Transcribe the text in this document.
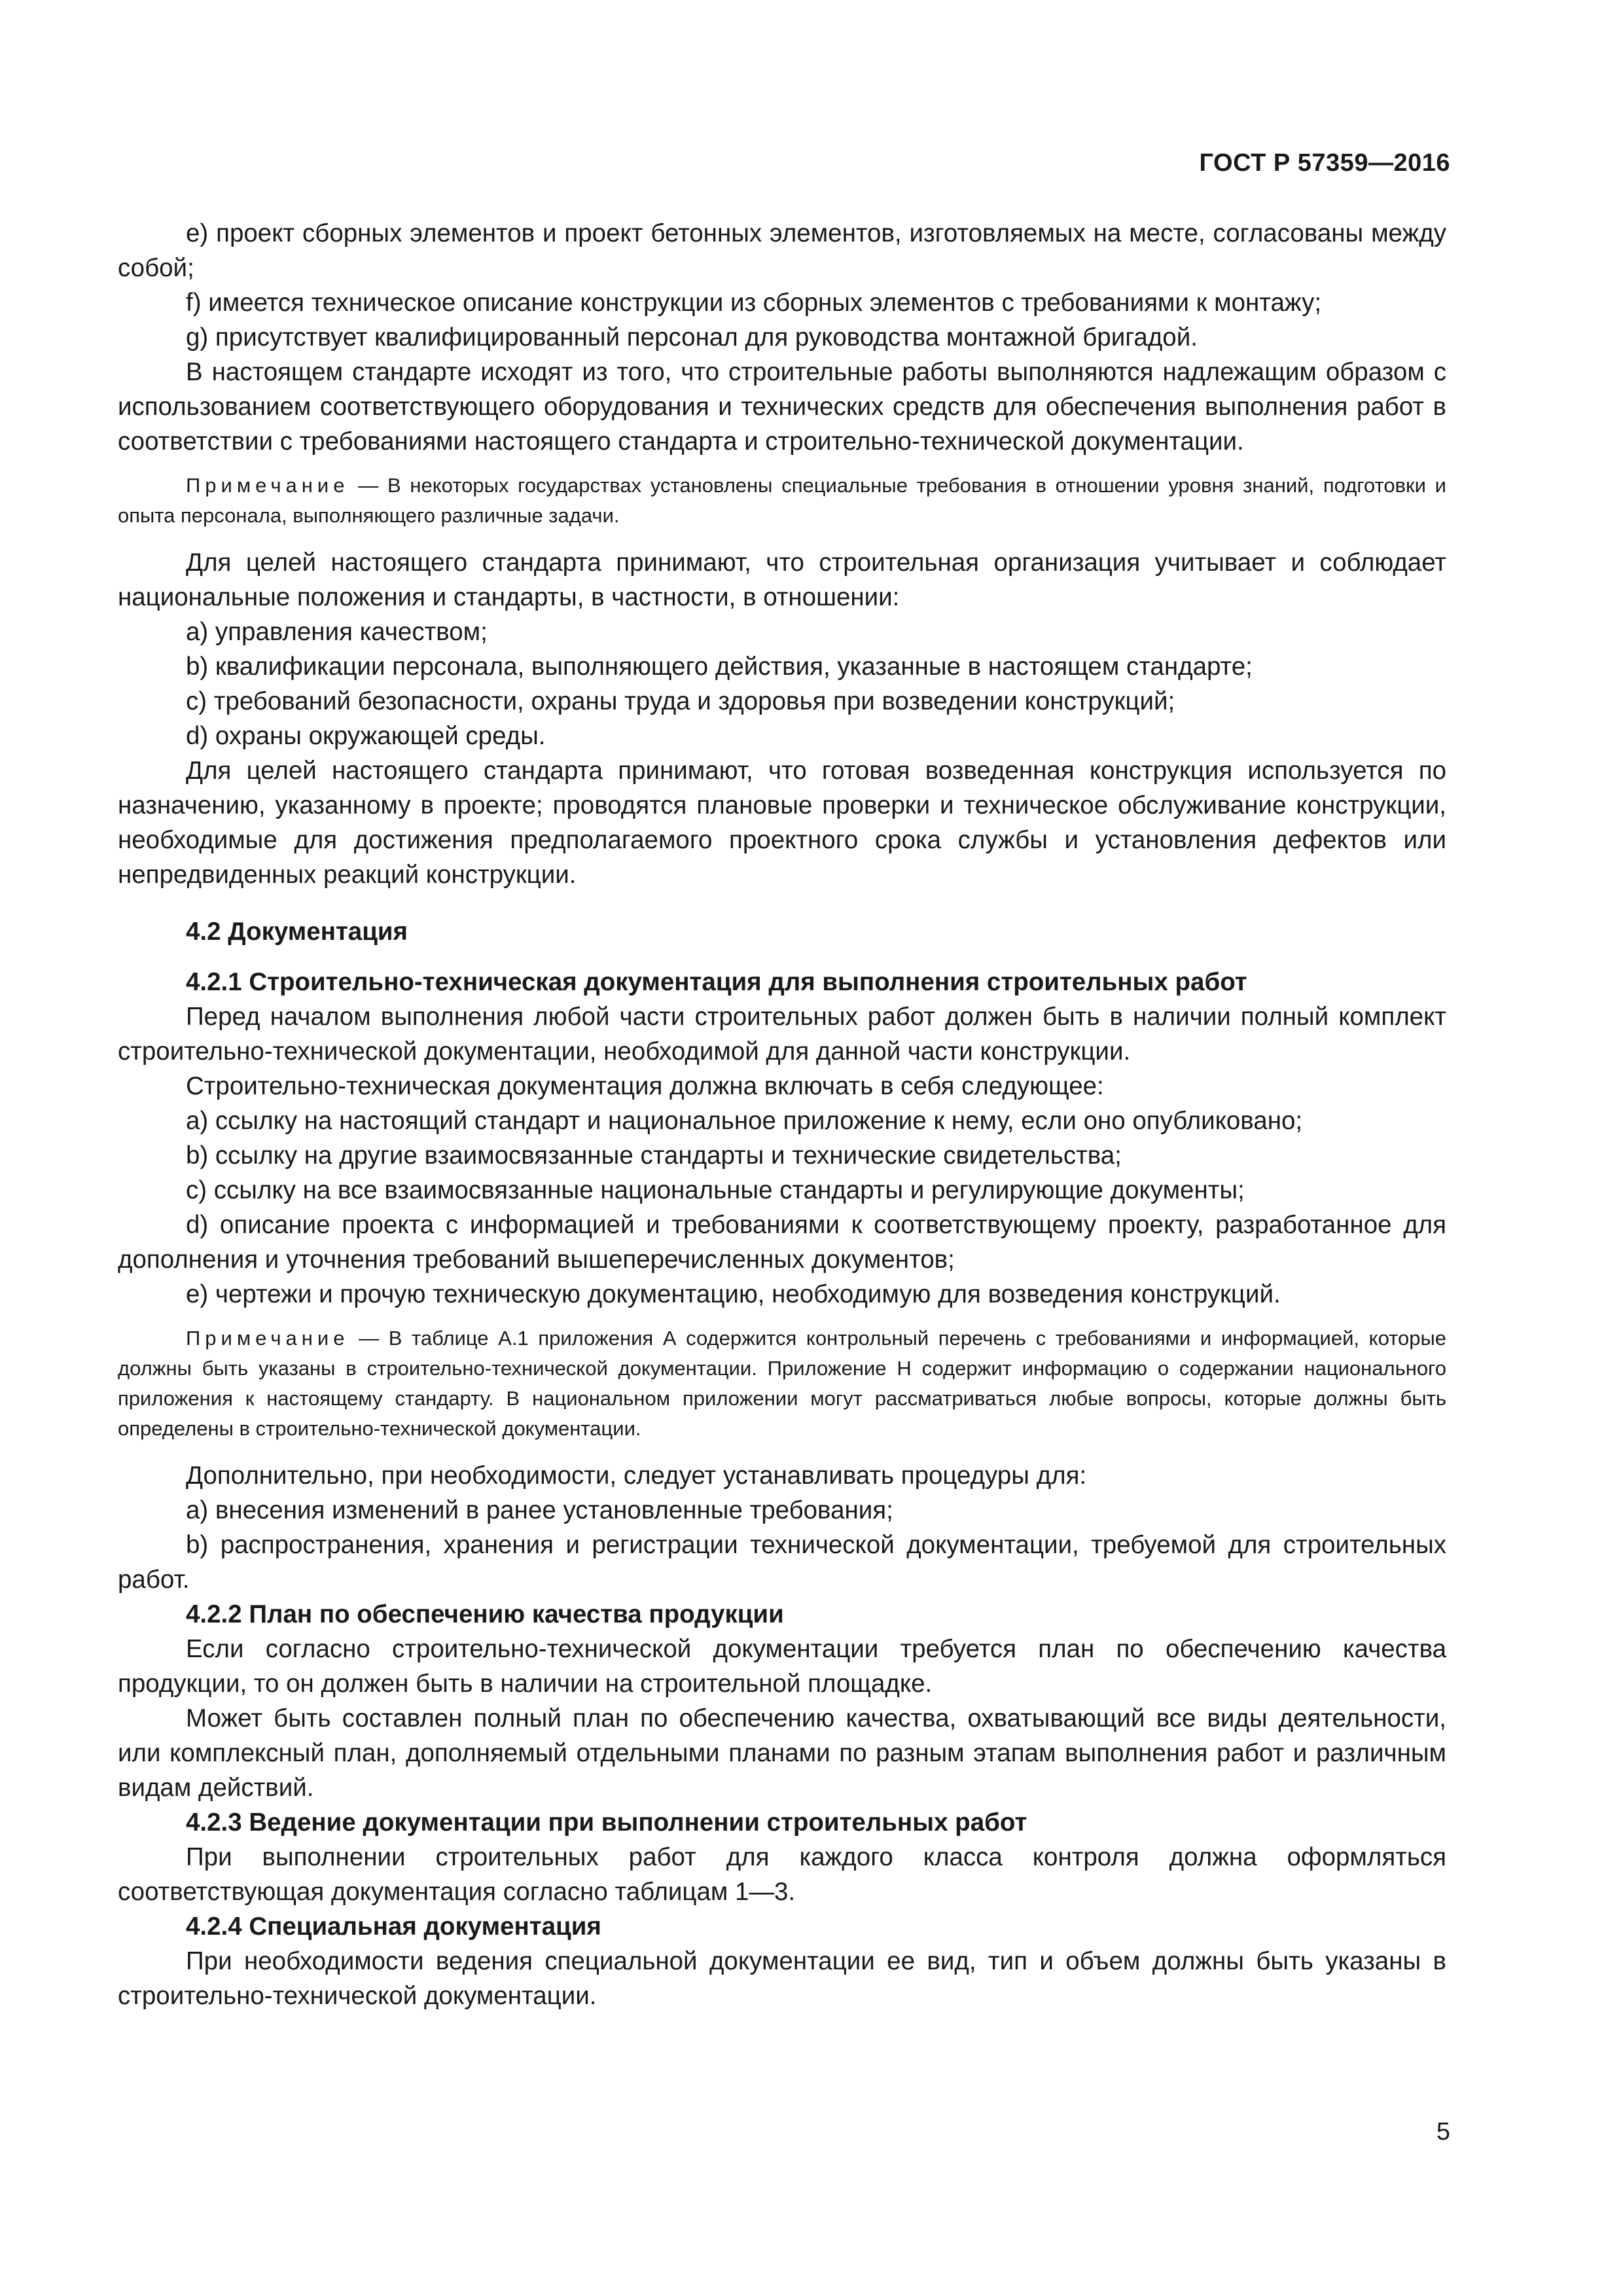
ГОСТ Р 57359—2016

е) проект сборных элементов и проект бетонных элементов, изготовляемых на месте, согласованы между собой;

f) имеется техническое описание конструкции из сборных элементов с требованиями к монтажу;

g) присутствует квалифицированный персонал для руководства монтажной бригадой.

В настоящем стандарте исходят из того, что строительные работы выполняются надлежащим образом с использованием соответствующего оборудования и технических средств для обеспечения выполнения работ в соответствии с требованиями настоящего стандарта и строительно-технической документации.

Примечание — В некоторых государствах установлены специальные требования в отношении уровня знаний, подготовки и опыта персонала, выполняющего различные задачи.

Для целей настоящего стандарта принимают, что строительная организация учитывает и соблюдает национальные положения и стандарты, в частности, в отношении:

а) управления качеством;

b) квалификации персонала, выполняющего действия, указанные в настоящем стандарте;

с) требований безопасности, охраны труда и здоровья при возведении конструкций;

d) охраны окружающей среды.

Для целей настоящего стандарта принимают, что готовая возведенная конструкция используется по назначению, указанному в проекте; проводятся плановые проверки и техническое обслуживание конструкции, необходимые для достижения предполагаемого проектного срока службы и установления дефектов или непредвиденных реакций конструкции.

4.2 Документация
4.2.1 Строительно-техническая документация для выполнения строительных работ

Перед началом выполнения любой части строительных работ должен быть в наличии полный комплект строительно-технической документации, необходимой для данной части конструкции.

Строительно-техническая документация должна включать в себя следующее:

а) ссылку на настоящий стандарт и национальное приложение к нему, если оно опубликовано;

b) ссылку на другие взаимосвязанные стандарты и технические свидетельства;

с) ссылку на все взаимосвязанные национальные стандарты и регулирующие документы;

d) описание проекта с информацией и требованиями к соответствующему проекту, разработанное для дополнения и уточнения требований вышеперечисленных документов;

е) чертежи и прочую техническую документацию, необходимую для возведения конструкций.

Примечание — В таблице А.1 приложения А содержится контрольный перечень с требованиями и информацией, которые должны быть указаны в строительно-технической документации. Приложение Н содержит информацию о содержании национального приложения к настоящему стандарту. В национальном приложении могут рассматриваться любые вопросы, которые должны быть определены в строительно-технической документации.

Дополнительно, при необходимости, следует устанавливать процедуры для:

а) внесения изменений в ранее установленные требования;

b) распространения, хранения и регистрации технической документации, требуемой для строительных работ.

4.2.2 План по обеспечению качества продукции

Если согласно строительно-технической документации требуется план по обеспечению качества продукции, то он должен быть в наличии на строительной площадке.

Может быть составлен полный план по обеспечению качества, охватывающий все виды деятельности, или комплексный план, дополняемый отдельными планами по разным этапам выполнения работ и различным видам действий.

4.2.3 Ведение документации при выполнении строительных работ

При выполнении строительных работ для каждого класса контроля должна оформляться соответствующая документация согласно таблицам 1—3.

4.2.4 Специальная документация

При необходимости ведения специальной документации ее вид, тип и объем должны быть указаны в строительно-технической документации.

5
